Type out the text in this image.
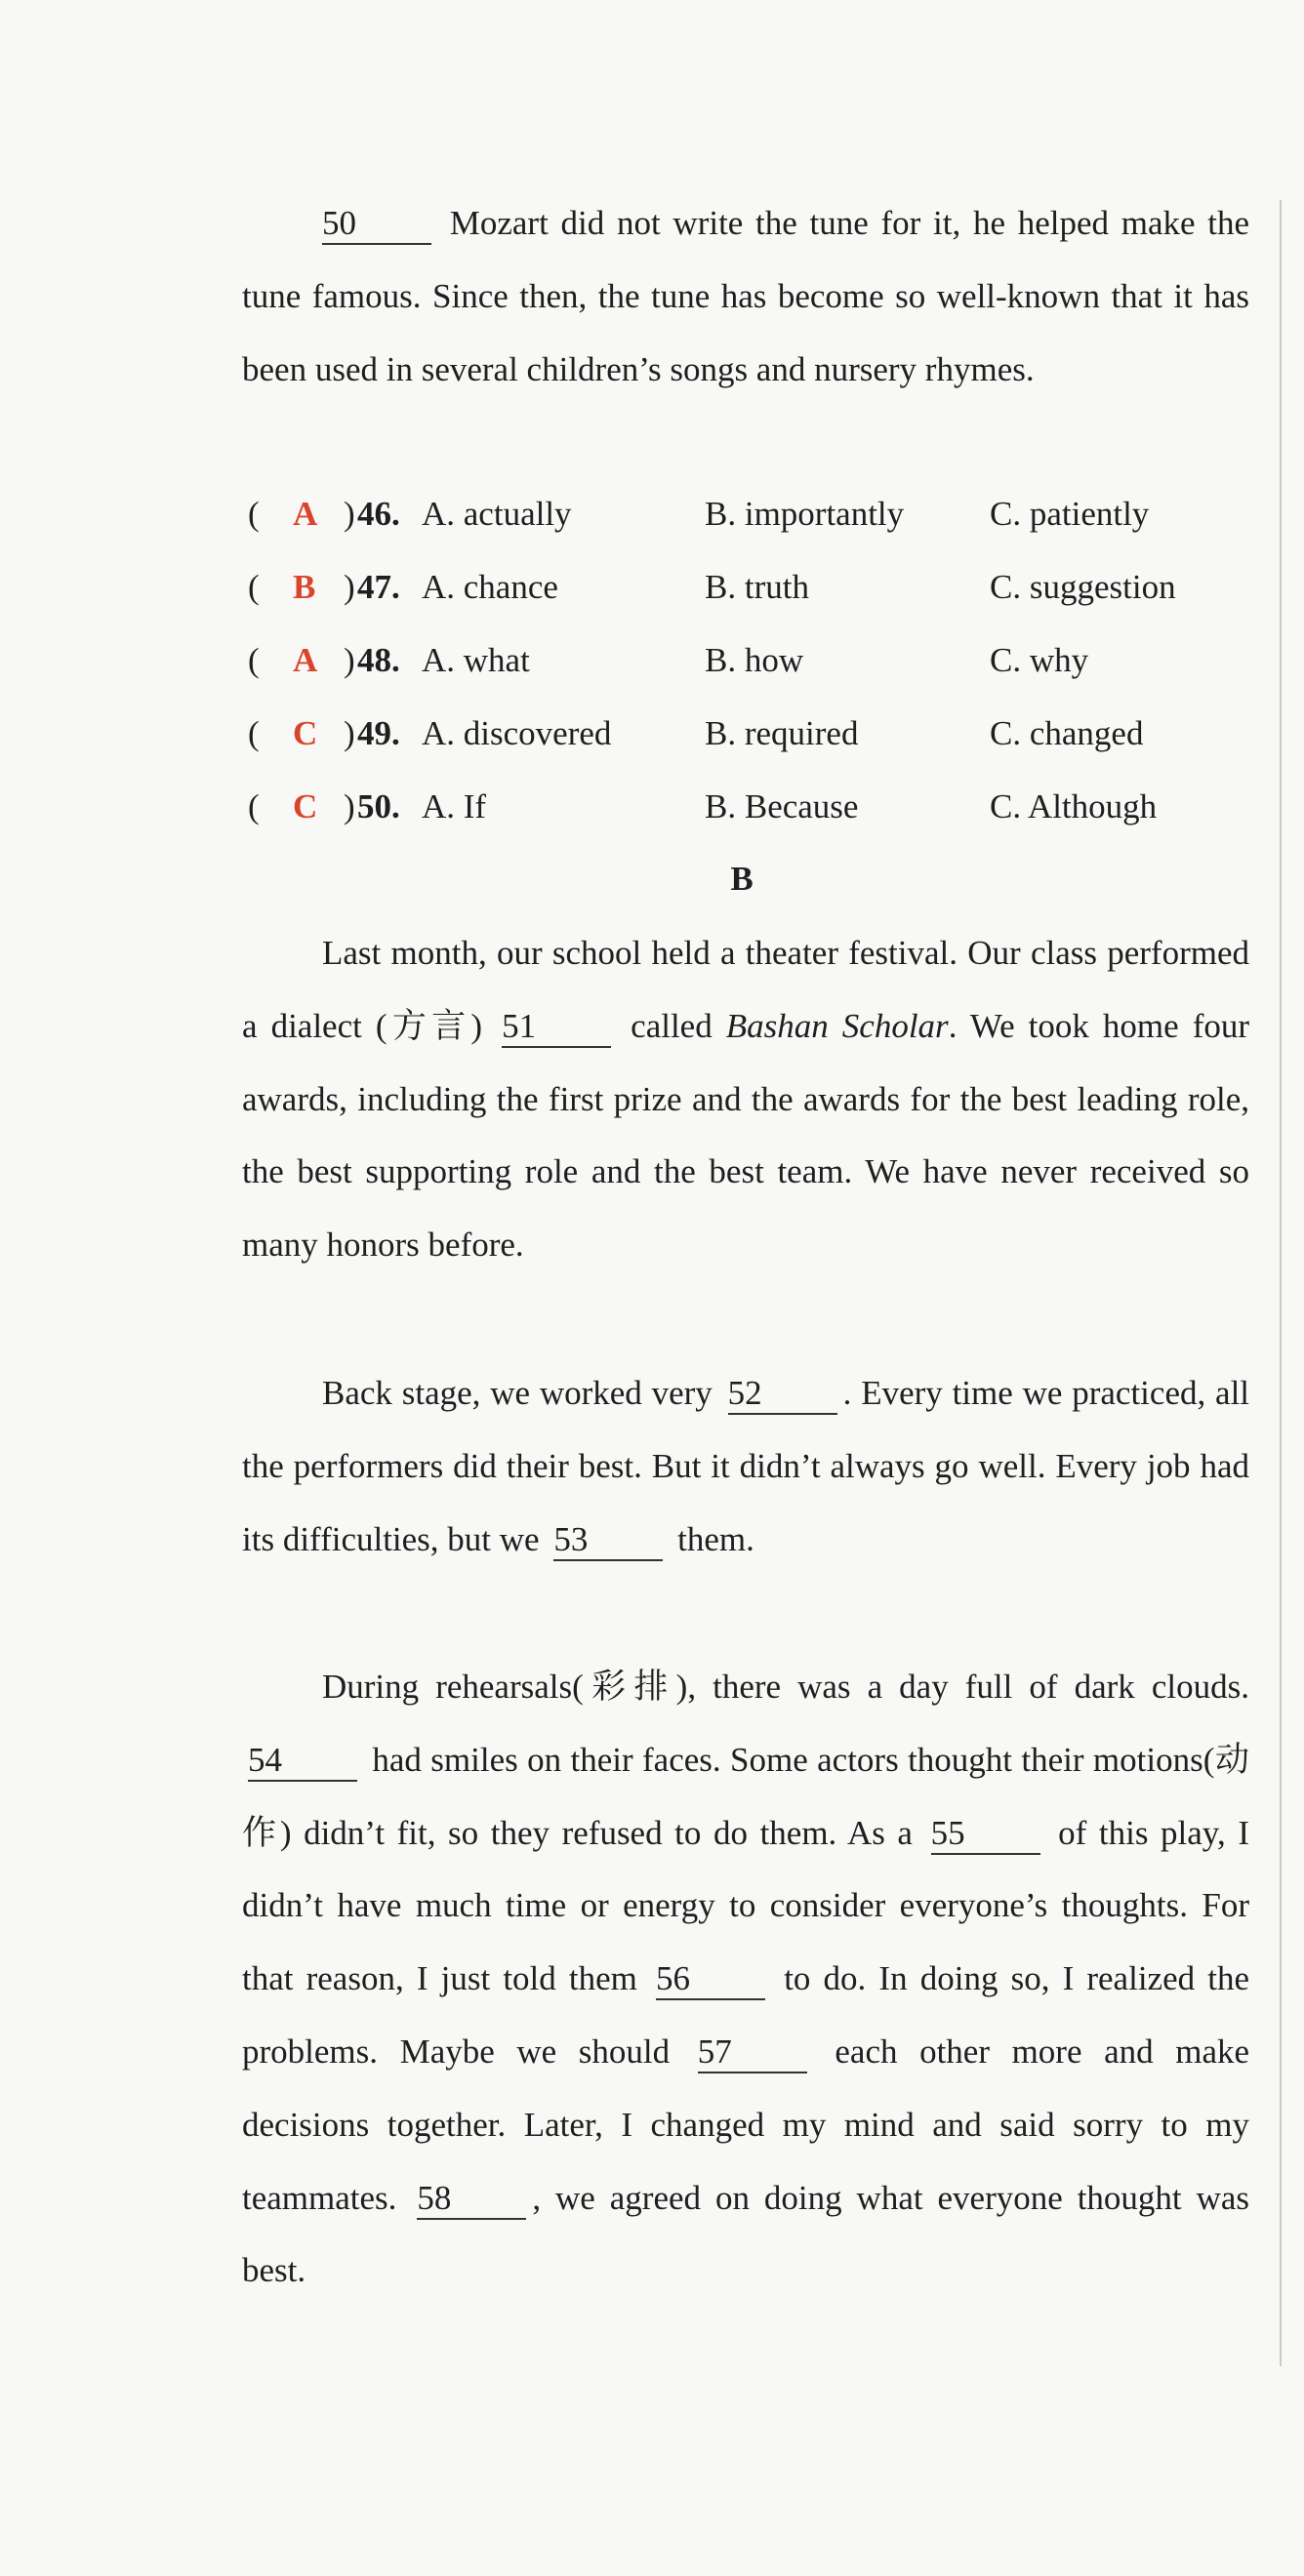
50	Mozart did not write the tune for it, he helped make the tune famous. Since then, the tune has become so well-known that it has been used in several children’s songs and nursery rhymes.

( A ) 46. A. actually	B. importantly	C. patiently
( B ) 47. A. chance	B. truth	C. suggestion
( A ) 48. A. what	B. how	C. why
( C ) 49. A. discovered	B. required	C. changed
( C ) 50. A. If	B. Because	C. Although
B

Last month, our school held a theater festival. Our class performed a dialect (方言) 51	called Bashan Scholar. We took home four awards, including the first prize and the awards for the best leading role, the best supporting role and the best team. We have never received so many honors before.

Back stage, we worked very 52 . Every time we practiced, all the performers did their best. But it didn’t always go well. Every job had its difficulties, but we 53	them.

During rehearsals(彩排), there was a day full of dark clouds. 54	had smiles on their faces. Some actors thought their motions(动作) didn’t fit, so they refused to do them. As a 55	of this play, I didn’t have much time or energy to consider everyone’s thoughts. For that reason, I just told them 56	to do. In doing so, I realized the problems. Maybe we should 57	each other more and make decisions together. Later, I changed my mind and said sorry to my teammates. 58 , we agreed on doing what everyone thought was best.
